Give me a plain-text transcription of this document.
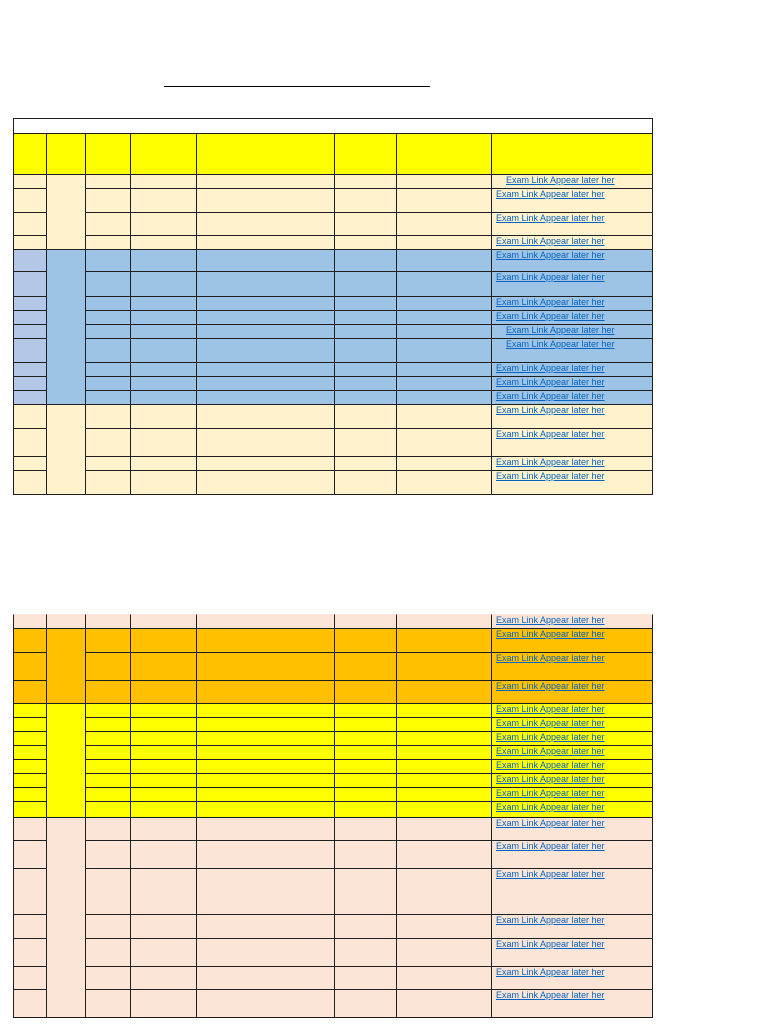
Exam Link Appear later her
Exam Link Appear later her
Exam Link Appear later her
Exam Link Appear later her
Exam Link Appear later her
Exam Link Appear later her
Exam Link Appear later her
Exam Link Appear later her
Exam Link Appear later her
Exam Link Appear later her
Exam Link Appear later her
Exam Link Appear later her
Exam Link Appear later her
Exam Link Appear later her
Exam Link Appear later her
Exam Link Appear later her
Exam Link Appear later her
Exam Link Appear later her
Exam Link Appear later her
Exam Link Appear later her
Exam Link Appear later her
Exam Link Appear later her
Exam Link Appear later her
Exam Link Appear later her
Exam Link Appear later her
Exam Link Appear later her
Exam Link Appear later her
Exam Link Appear later her
Exam Link Appear later her
Exam Link Appear later her
Exam Link Appear later her
Exam Link Appear later her
Exam Link Appear later her
Exam Link Appear later her
Exam Link Appear later her
Exam Link Appear later her
